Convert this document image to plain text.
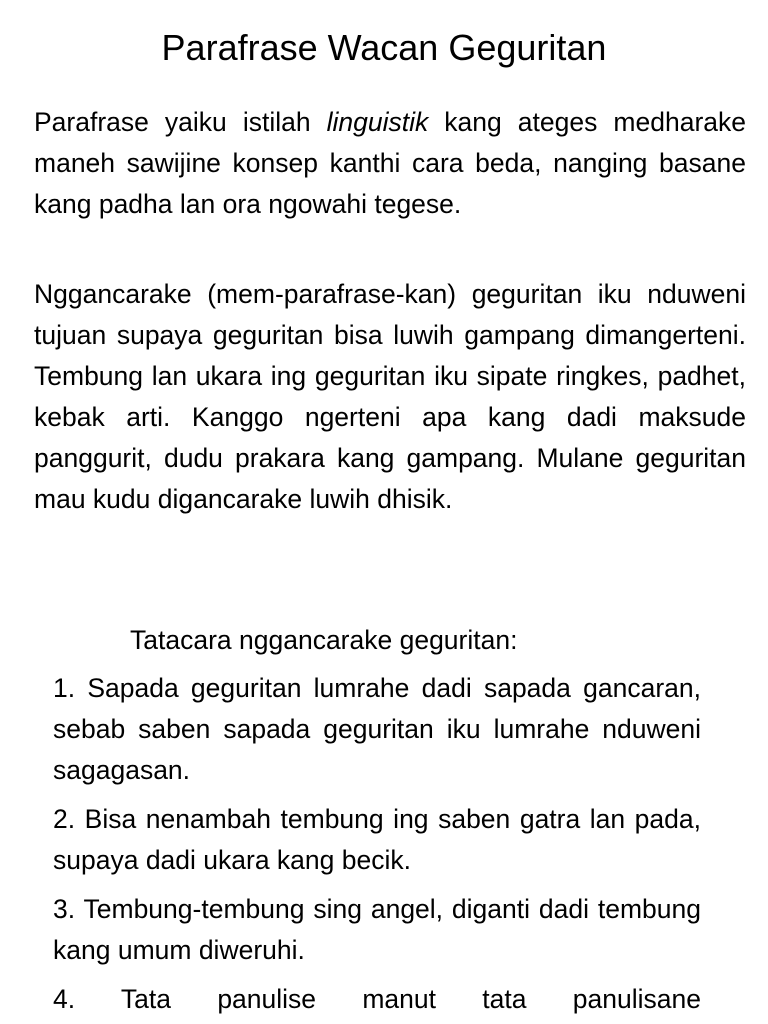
Parafrase Wacan Geguritan

Parafrase yaiku istilah linguistik kang ateges medharake maneh sawijine konsep kanthi cara beda, nanging basane kang padha lan ora ngowahi tegese.

Nggancarake (mem-parafrase-kan) geguritan iku nduweni tujuan supaya geguritan bisa luwih gampang dimangerteni. Tembung lan ukara ing geguritan iku sipate ringkes, padhet, kebak arti. Kanggo ngerteni apa kang dadi maksude panggurit, dudu prakara kang gampang. Mulane geguritan mau kudu digancarake luwih dhisik.

Tatacara nggancarake geguritan:

1. Sapada geguritan lumrahe dadi sapada gancaran, sebab saben sapada geguritan iku lumrahe nduweni sagagasan.
2. Bisa nenambah tembung ing saben gatra lan pada, supaya dadi ukara kang becik.
3. Tembung-tembung sing angel, diganti dadi tembung kang umum diweruhi.
4. Tata panulise manut tata panulisane
